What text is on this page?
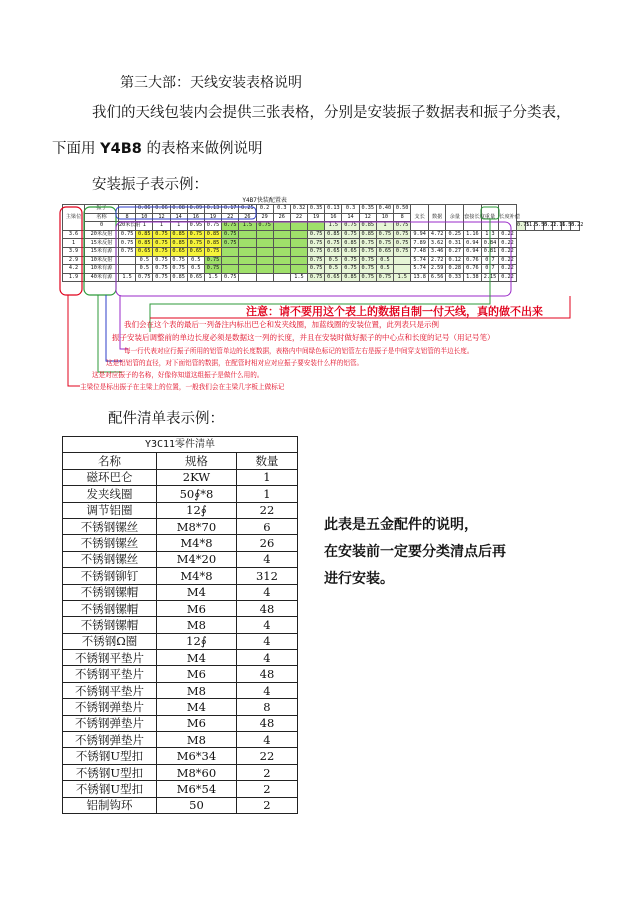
第三大部：天线安装表格说明
我们的天线包装内会提供三张表格，分别是安装振子数据表和振子分类表，
下面用 Y4B8 的表格来做例说明
安装振子表示例：
		Y4B7快装配置表																													
主梁位	振子		0.06	0.06	0.08	0.09	0.13	0.17	0.25	0.2	0.3	0.32	0.35	0.13	0.3	0.35	0.40	0.50	支长	数据	余量	套接长度	重量	长度补偿							
	名称	8	10	12	14	16	19	22	26	29	26	22	19	16	14	12	10	8													
	0	20米长射	1	1	1	0.95	0.75	0.75	1.5	0.75				1.5	0.75	0.85	1	0.75							0.75	11.5	5.55	0.22	1.16	1.55	0.22
3.6	20米反射	0.75	0.85	0.75	0.85	0.75	0.85	0.75					0.75	0.85	0.75	0.85	0.75	0.75	9.94	4.72	0.25	1.16	1.3	0.22							
1	15米反射	0.75	0.85	0.75	0.85	0.75	0.85	0.75					0.75	0.75	0.85	0.75	0.75	0.75	7.89	3.62	0.31	0.94	0.84	0.22							
3.9	15米有源	0.75	0.65	0.75	0.65	0.65	0.75						0.75	0.65	0.65	0.75	0.65	0.75	7.48	3.46	0.27	0.94	0.81	0.22							
2.9	10米反射		0.5	0.75	0.75	0.5	0.75						0.75	0.5	0.75	0.75	0.5		5.74	2.72	0.12	0.76	0.7	0.22							
4.2	10米有源		0.5	0.75	0.75	0.5	0.75						0.75	0.5	0.75	0.75	0.5		5.74	2.59	0.28	0.76	0.7	0.22							
1.9	40米有源	1.5	0.75	0.75	0.85	0.65	1.5	0.75				1.5	0.75	0.65	0.85	0.75	0.75	1.5	13.8	6.56	0.33	1.38	2.15	0.22							
注意：请不要用这个表上的数据自制一付天线，真的做不出来
我们会在这个表的最后一列备注内标出巴仑和发夹线圈，加蓝线圈的安装位置，此列表只是示例
振子安装后调整前的单边长度必须是数据这一列的长度，并且在安装时做好振子的中心点和长度的记号（用记号笔）
每一行代表对应行振子所用的铝管单边的长度数据，表格内中间绿色标记的铝管左右是振子是中间穿支铝管的半边长度。
这是铝铝管的直径，对下面铝管的数据，在配管时相对应对应振子要安装什么样的铝管。
这是对应振子的名称，好像你知道这组振子是做什么用的。
主梁位是标出振子在主梁上的位置，一般我们会在主梁几字板上做标记
配件清单表示例：
Y3C11零件清单		
名称	规格	数量
磁环巴仑	2KW	1
发夹线圈	50∮*8	1
调节铝圈	12∮	22
不锈钢镙丝	M8*70	6
不锈钢镙丝	M4*8	26
不锈钢镙丝	M4*20	4
不锈钢铆钉	M4*8	312
不锈钢镙帽	M4	4
不锈钢镙帽	M6	48
不锈钢镙帽	M8	4
不锈钢Ω圈	12∮	4
不锈钢平垫片	M4	4
不锈钢平垫片	M6	48
不锈钢平垫片	M8	4
不锈钢弹垫片	M4	8
不锈钢弹垫片	M6	48
不锈钢弹垫片	M8	4
不锈钢U型扣	M6*34	22
不锈钢U型扣	M8*60	2
不锈钢U型扣	M6*54	2
铝制钩环	50	2
此表是五金配件的说明，
在安装前一定要分类清点后再
进行安装。
